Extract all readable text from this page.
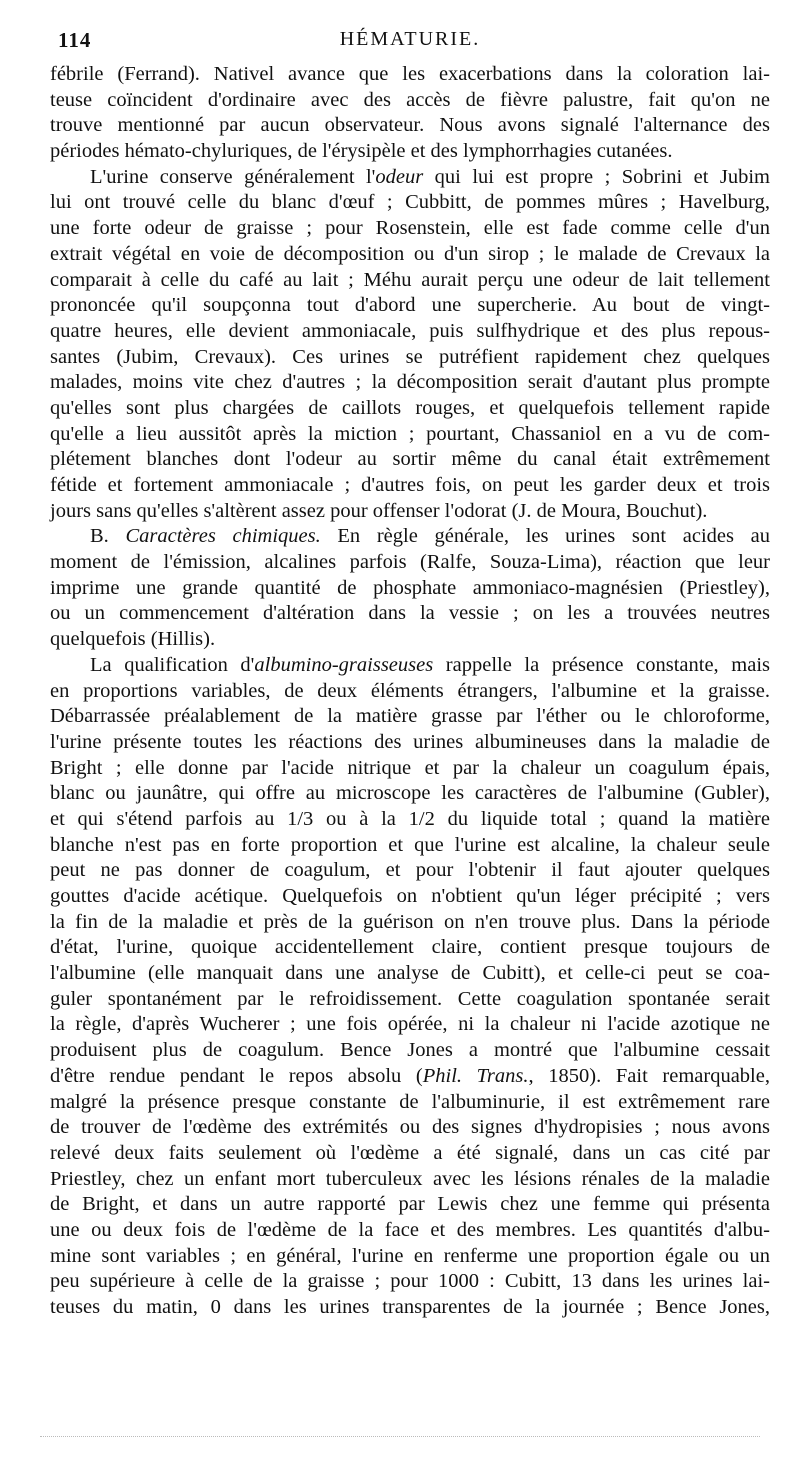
114	HÉMATURIE.
fébrile (Ferrand). Nativel avance que les exacerbations dans la coloration lai-
teuse coïncident d'ordinaire avec des accès de fièvre palustre, fait qu'on ne
trouve mentionné par aucun observateur. Nous avons signalé l'alternance des
périodes hémato-chyluriques, de l'érysipèle et des lymphorrhagies cutanées.
L'urine conserve généralement l'odeur qui lui est propre ; Sobrini et Jubim
lui ont trouvé celle du blanc d'œuf ; Cubbitt, de pommes mûres ; Havelburg,
une forte odeur de graisse ; pour Rosenstein, elle est fade comme celle d'un
extrait végétal en voie de décomposition ou d'un sirop ; le malade de Crevaux la
comparait à celle du café au lait ; Méhu aurait perçu une odeur de lait tellement
prononcée qu'il soupçonna tout d'abord une supercherie. Au bout de vingt-
quatre heures, elle devient ammoniacale, puis sulfhydrique et des plus repous-
santes (Jubim, Crevaux). Ces urines se putréfient rapidement chez quelques
malades, moins vite chez d'autres ; la décomposition serait d'autant plus prompte
qu'elles sont plus chargées de caillots rouges, et quelquefois tellement rapide
qu'elle a lieu aussitôt après la miction ; pourtant, Chassaniol en a vu de com-
plétement blanches dont l'odeur au sortir même du canal était extrêmement
fétide et fortement ammoniacale ; d'autres fois, on peut les garder deux et trois
jours sans qu'elles s'altèrent assez pour offenser l'odorat (J. de Moura, Bouchut).
B. Caractères chimiques. En règle générale, les urines sont acides au
moment de l'émission, alcalines parfois (Ralfe, Souza-Lima), réaction que leur
imprime une grande quantité de phosphate ammoniaco-magnésien (Priestley),
ou un commencement d'altération dans la vessie ; on les a trouvées neutres
quelquefois (Hillis).
La qualification d'albumino-graisseuses rappelle la présence constante, mais
en proportions variables, de deux éléments étrangers, l'albumine et la graisse.
Débarrassée préalablement de la matière grasse par l'éther ou le chloroforme,
l'urine présente toutes les réactions des urines albumineuses dans la maladie de
Bright ; elle donne par l'acide nitrique et par la chaleur un coagulum épais,
blanc ou jaunâtre, qui offre au microscope les caractères de l'albumine (Gubler),
et qui s'étend parfois au 1/3 ou à la 1/2 du liquide total ; quand la matière
blanche n'est pas en forte proportion et que l'urine est alcaline, la chaleur seule
peut ne pas donner de coagulum, et pour l'obtenir il faut ajouter quelques
gouttes d'acide acétique. Quelquefois on n'obtient qu'un léger précipité ; vers
la fin de la maladie et près de la guérison on n'en trouve plus. Dans la période
d'état, l'urine, quoique accidentellement claire, contient presque toujours de
l'albumine (elle manquait dans une analyse de Cubitt), et celle-ci peut se coa-
guler spontanément par le refroidissement. Cette coagulation spontanée serait
la règle, d'après Wucherer ; une fois opérée, ni la chaleur ni l'acide azotique ne
produisent plus de coagulum. Bence Jones a montré que l'albumine cessait
d'être rendue pendant le repos absolu (Phil. Trans., 1850). Fait remarquable,
malgré la présence presque constante de l'albuminurie, il est extrêmement rare
de trouver de l'œdème des extrémités ou des signes d'hydropisies ; nous avons
relevé deux faits seulement où l'œdème a été signalé, dans un cas cité par
Priestley, chez un enfant mort tuberculeux avec les lésions rénales de la maladie
de Bright, et dans un autre rapporté par Lewis chez une femme qui présenta
une ou deux fois de l'œdème de la face et des membres. Les quantités d'albu-
mine sont variables ; en général, l'urine en renferme une proportion égale ou un
peu supérieure à celle de la graisse ; pour 1000 : Cubitt, 13 dans les urines lai-
teuses du matin, 0 dans les urines transparentes de la journée ; Bence Jones,
